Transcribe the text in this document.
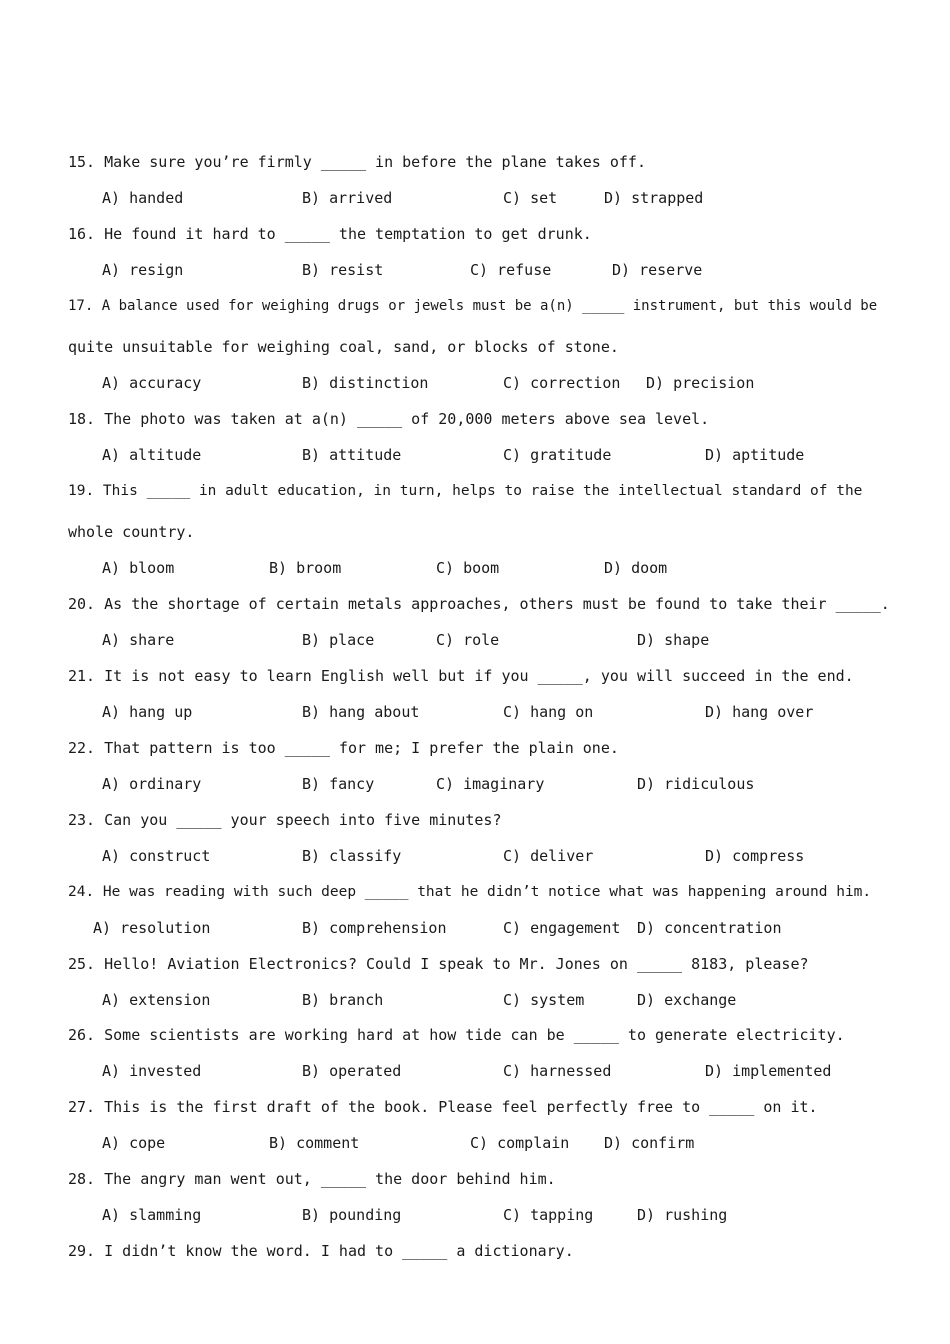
15. Make sure you’re firmly _____ in before the plane takes off.
A) handed	B) arrived	C) set	D) strapped
16. He found it hard to _____ the temptation to get drunk.
A) resign	B) resist	C) refuse	D) reserve
17. A balance used for weighing drugs or jewels must be a(n) _____ instrument, but this would be
quite unsuitable for weighing coal, sand, or blocks of stone.
A) accuracy	B) distinction	C) correction D) precision
18. The photo was taken at a(n) _____ of 20,000 meters above sea level.
A) altitude	B) attitude	C) gratitude	D) aptitude
19. This _____ in adult education, in turn, helps to raise the intellectual standard of the
whole country.
A) bloom	B) broom	C) boom	D) doom
20. As the shortage of certain metals approaches, others must be found to take their _____.
A) share	B) place	C) role	D) shape
21. It is not easy to learn English well but if you _____, you will succeed in the end.
A) hang up	B) hang about	C) hang on	D) hang over
22. That pattern is too _____ for me; I prefer the plain one.
A) ordinary	B) fancy	C) imaginary	D) ridiculous
23. Can you _____ your speech into five minutes?
A) construct	B) classify	C) deliver	D) compress
24. He was reading with such deep _____ that he didn’t notice what was happening around him.
A) resolution	B) comprehension	C) engagement D) concentration
25. Hello! Aviation Electronics? Could I speak to Mr. Jones on _____ 8183, please?
A) extension	B) branch	C) system	D) exchange
26. Some scientists are working hard at how tide can be _____ to generate electricity.
A) invested	B) operated	C) harnessed	D) implemented
27. This is the first draft of the book. Please feel perfectly free to _____ on it.
A) cope	B) comment	C) complain D) confirm
28. The angry man went out, _____ the door behind him.
A) slamming	B) pounding	C) tapping	D) rushing
29. I didn’t know the word. I had to _____ a dictionary.
